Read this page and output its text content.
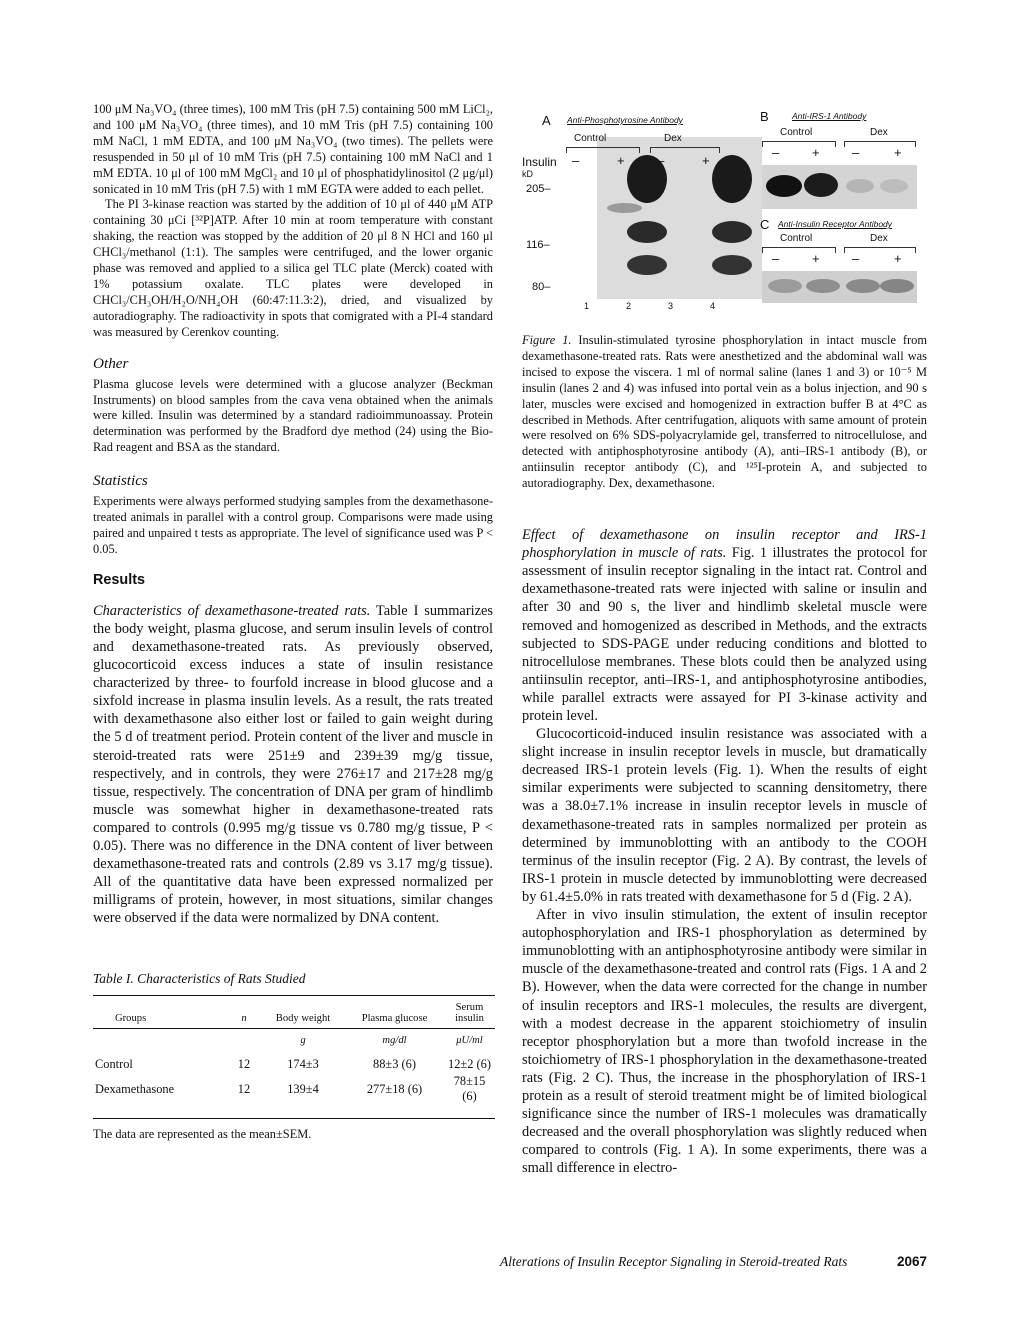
100 μM Na₃VO₄ (three times), 100 mM Tris (pH 7.5) containing 500 mM LiCl₂, and 100 μM Na₃VO₄ (three times), and 10 mM Tris (pH 7.5) containing 100 mM NaCl, 1 mM EDTA, and 100 μM Na₃VO₄ (two times). The pellets were resuspended in 50 μl of 10 mM Tris (pH 7.5) containing 100 mM NaCl and 1 mM EDTA. 10 μl of 100 mM MgCl₂ and 10 μl of phosphatidylinositol (2 μg/μl) sonicated in 10 mM Tris (pH 7.5) with 1 mM EGTA were added to each pellet.

The PI 3-kinase reaction was started by the addition of 10 μl of 440 μM ATP containing 30 μCi [³²P]ATP. After 10 min at room temperature with constant shaking, the reaction was stopped by the addition of 20 μl 8 N HCl and 160 μl CHCl₃/methanol (1:1). The samples were centrifuged, and the lower organic phase was removed and applied to a silica gel TLC plate (Merck) coated with 1% potassium oxalate. TLC plates were developed in CHCl₃/CH₃OH/H₂O/NH₄OH (60:47:11.3:2), dried, and visualized by autoradiography. The radioactivity in spots that comigrated with a PI-4 standard was measured by Cerenkov counting.

Other

Plasma glucose levels were determined with a glucose analyzer (Beckman Instruments) on blood samples from the cava vena obtained when the animals were killed. Insulin was determined by a standard radioimmunoassay. Protein determination was performed by the Bradford dye method (24) using the Bio-Rad reagent and BSA as the standard.

Statistics

Experiments were always performed studying samples from the dexamethasone-treated animals in parallel with a control group. Comparisons were made using paired and unpaired t tests as appropriate. The level of significance used was P < 0.05.

Results

Characteristics of dexamethasone-treated rats. Table I summarizes the body weight, plasma glucose, and serum insulin levels of control and dexamethasone-treated rats. As previously observed, glucocorticoid excess induces a state of insulin resistance characterized by three- to fourfold increase in blood glucose and a sixfold increase in plasma insulin levels. As a result, the rats treated with dexamethasone also either lost or failed to gain weight during the 5 d of treatment period. Protein content of the liver and muscle in steroid-treated rats were 251±9 and 239±39 mg/g tissue, respectively, and in controls, they were 276±17 and 217±28 mg/g tissue, respectively. The concentration of DNA per gram of hindlimb muscle was somewhat higher in dexamethasone-treated rats compared to controls (0.995 mg/g tissue vs 0.780 mg/g tissue, P < 0.05). There was no difference in the DNA content of liver between dexamethasone-treated rats and controls (2.89 vs 3.17 mg/g tissue). All of the quantitative data have been expressed normalized per milligrams of protein, however, in most situations, similar changes were observed if the data were normalized by DNA content.

Table I. Characteristics of Rats Studied

Groups	n	Body weight	Plasma glucose	Serum insulin
		g	mg/dl	μU/ml
Control	12	174±3	88±3 (6)	12±2 (6)
Dexamethasone	12	139±4	277±18 (6)	78±15 (6)
The data are represented as the mean±SEM.
A Anti-Phosphotyrosine Antibody
Control	Dex
Insulin
kD
–	+ –	+
205–
116–
80–
1	2	3	4
B	Anti-IRS-1 Antibody
Control	Dex
–	+ –	+
C Anti-Insulin Receptor Antibody
Control	Dex
–	+ –	+

Figure 1. Insulin-stimulated tyrosine phosphorylation in intact muscle from dexamethasone-treated rats. Rats were anesthetized and the abdominal wall was incised to expose the viscera. 1 ml of normal saline (lanes 1 and 3) or 10⁻⁵ M insulin (lanes 2 and 4) was infused into portal vein as a bolus injection, and 90 s later, muscles were excised and homogenized in extraction buffer B at 4°C as described in Methods. After centrifugation, aliquots with same amount of protein were resolved on 6% SDS-polyacrylamide gel, transferred to nitrocellulose, and detected with antiphosphotyrosine antibody (A), anti–IRS-1 antibody (B), or antiinsulin receptor antibody (C), and ¹²⁵I-protein A, and subjected to autoradiography. Dex, dexamethasone.

Effect of dexamethasone on insulin receptor and IRS-1 phosphorylation in muscle of rats. Fig. 1 illustrates the protocol for assessment of insulin receptor signaling in the intact rat. Control and dexamethasone-treated rats were injected with saline or insulin and after 30 and 90 s, the liver and hindlimb skeletal muscle were removed and homogenized as described in Methods, and the extracts subjected to SDS-PAGE under reducing conditions and blotted to nitrocellulose membranes. These blots could then be analyzed using antiinsulin receptor, anti–IRS-1, and antiphosphotyrosine antibodies, while parallel extracts were assayed for PI 3-kinase activity and protein level.

Glucocorticoid-induced insulin resistance was associated with a slight increase in insulin receptor levels in muscle, but dramatically decreased IRS-1 protein levels (Fig. 1). When the results of eight similar experiments were subjected to scanning densitometry, there was a 38.0±7.1% increase in insulin receptor levels in muscle of dexamethasone-treated rats in samples normalized per protein as determined by immunoblotting with an antibody to the COOH terminus of the insulin receptor (Fig. 2 A). By contrast, the levels of IRS-1 protein in muscle detected by immunoblotting were decreased by 61.4±5.0% in rats treated with dexamethasone for 5 d (Fig. 2 A).

After in vivo insulin stimulation, the extent of insulin receptor autophosphorylation and IRS-1 phosphorylation as determined by immunoblotting with an antiphosphotyrosine antibody were similar in muscle of the dexamethasone-treated and control rats (Figs. 1 A and 2 B). However, when the data were corrected for the change in number of insulin receptors and IRS-1 molecules, the results are divergent, with a modest decrease in the apparent stoichiometry of insulin receptor phosphorylation but a more than twofold increase in the stoichiometry of IRS-1 phosphorylation in the dexamethasone-treated rats (Fig. 2 C). Thus, the increase in the phosphorylation of IRS-1 protein as a result of steroid treatment might be of limited biological significance since the number of IRS-1 molecules was dramatically decreased and the overall phosphorylation was slightly reduced when compared to controls (Fig. 1 A). In some experiments, there was a small difference in electro-

Alterations of Insulin Receptor Signaling in Steroid-treated Rats	2067
